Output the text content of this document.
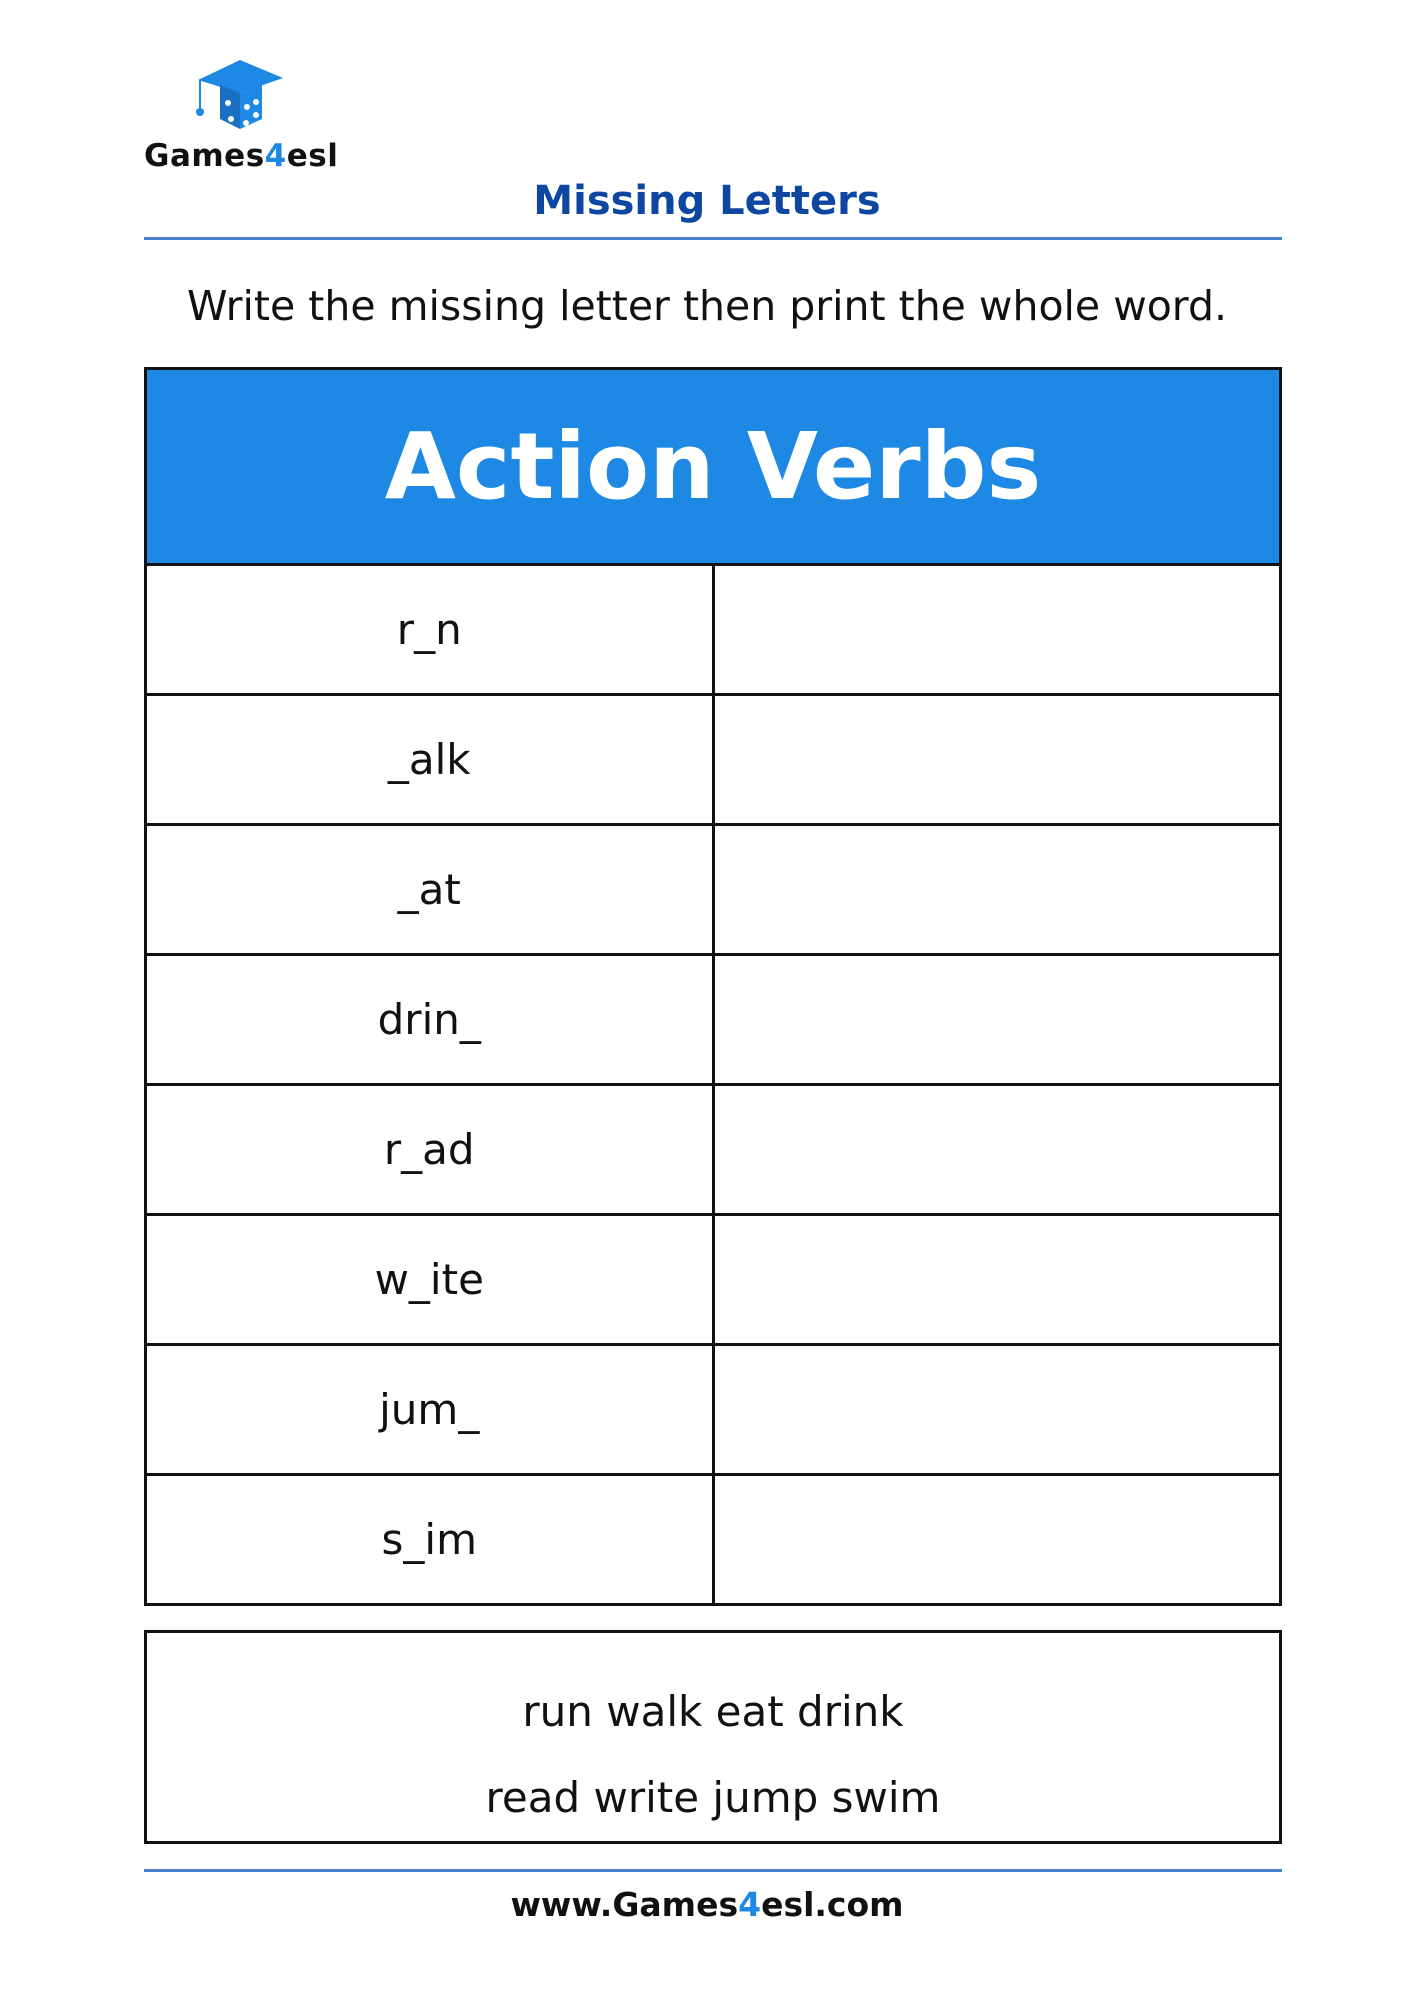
Games4esl
Missing Letters
Write the missing letter then print the whole word.
Action Verbs	
r_n	
_alk	
_at	
drin_	
r_ad	
w_ite	
jum_	
s_im	
run walk eat drink
read write jump swim
www.Games4esl.com
